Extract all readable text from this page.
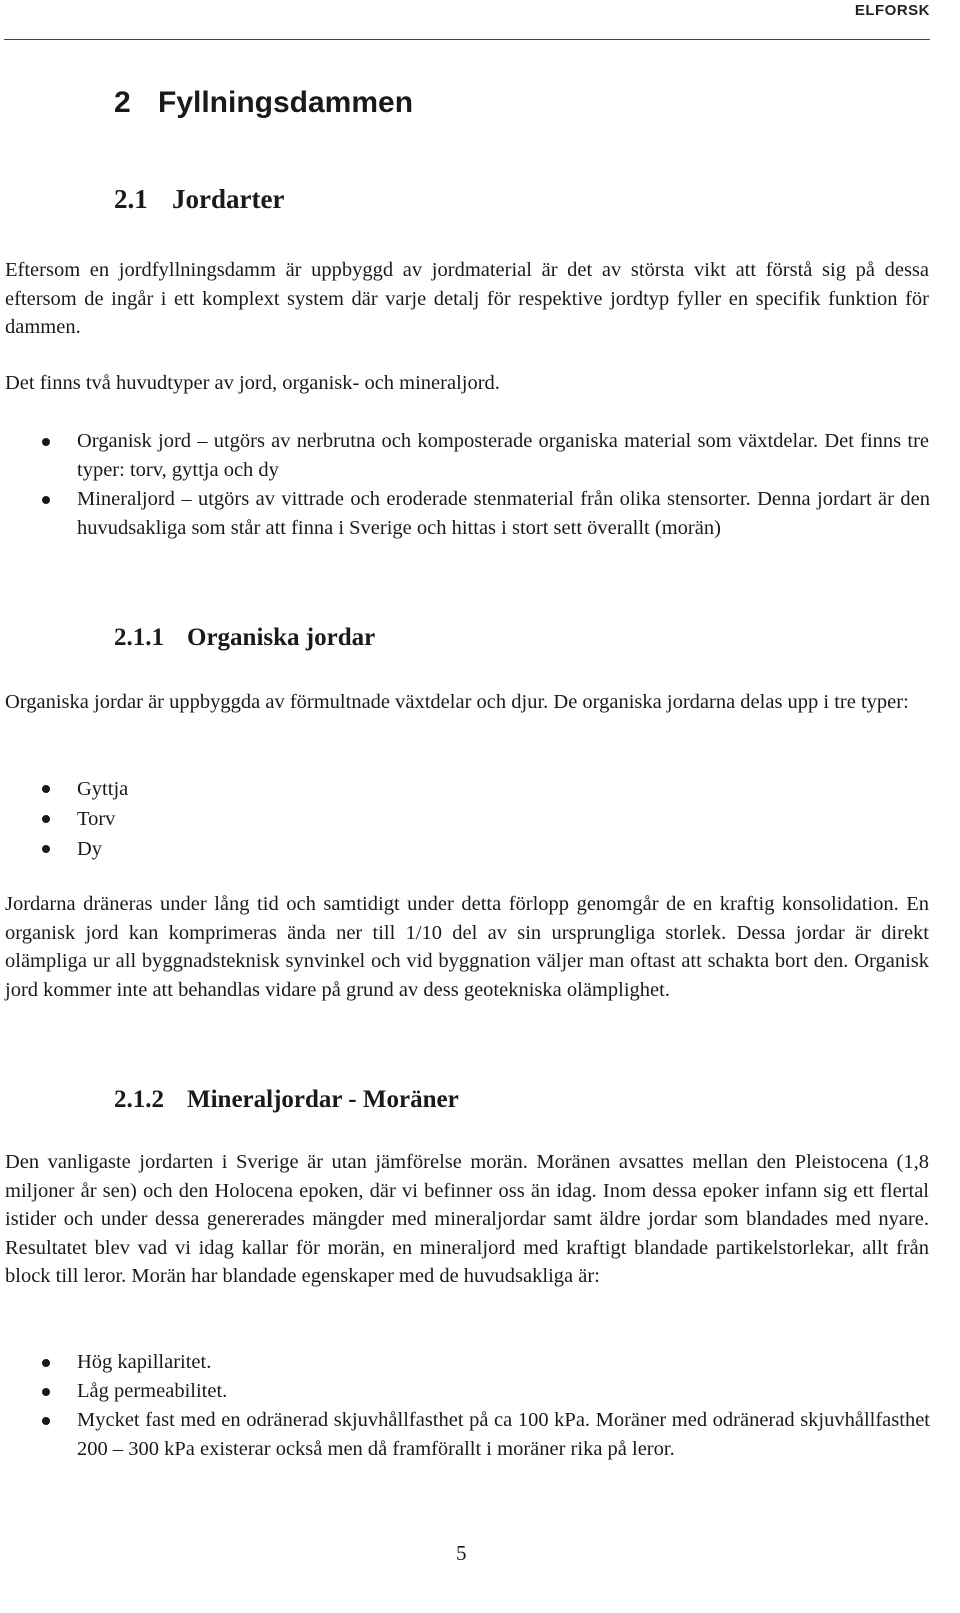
ELFORSK
2 Fyllningsdammen
2.1 Jordarter

Eftersom en jordfyllningsdamm är uppbyggd av jordmaterial är det av största vikt att förstå sig på dessa eftersom de ingår i ett komplext system där varje detalj för respektive jordtyp fyller en specifik funktion för dammen.

Det finns två huvudtyper av jord, organisk- och mineraljord.

Organisk jord – utgörs av nerbrutna och komposterade organiska material som växtdelar. Det finns tre typer: torv, gyttja och dy
Mineraljord – utgörs av vittrade och eroderade stenmaterial från olika stensorter. Denna jordart är den huvudsakliga som står att finna i Sverige och hittas i stort sett överallt (morän)
2.1.1 Organiska jordar

Organiska jordar är uppbyggda av förmultnade växtdelar och djur. De organiska jordarna delas upp i tre typer:

Gyttja
Torv
Dy

Jordarna dräneras under lång tid och samtidigt under detta förlopp genomgår de en kraftig konsolidation. En organisk jord kan komprimeras ända ner till 1/10 del av sin ursprungliga storlek. Dessa jordar är direkt olämpliga ur all byggnadsteknisk synvinkel och vid byggnation väljer man oftast att schakta bort den. Organisk jord kommer inte att behandlas vidare på grund av dess geotekniska olämplighet.

2.1.2 Mineraljordar - Moräner

Den vanligaste jordarten i Sverige är utan jämförelse morän. Moränen avsattes mellan den Pleistocena (1,8 miljoner år sen) och den Holocena epoken, där vi befinner oss än idag. Inom dessa epoker infann sig ett flertal istider och under dessa genererades mängder med mineraljordar samt äldre jordar som blandades med nyare. Resultatet blev vad vi idag kallar för morän, en mineraljord med kraftigt blandade partikelstorlekar, allt från block till leror. Morän har blandade egenskaper med de huvudsakliga är:

Hög kapillaritet.
Låg permeabilitet.
Mycket fast med en odränerad skjuvhållfasthet på ca 100 kPa. Moräner med odränerad skjuvhållfasthet 200 – 300 kPa existerar också men då framförallt i moräner rika på leror.
5
